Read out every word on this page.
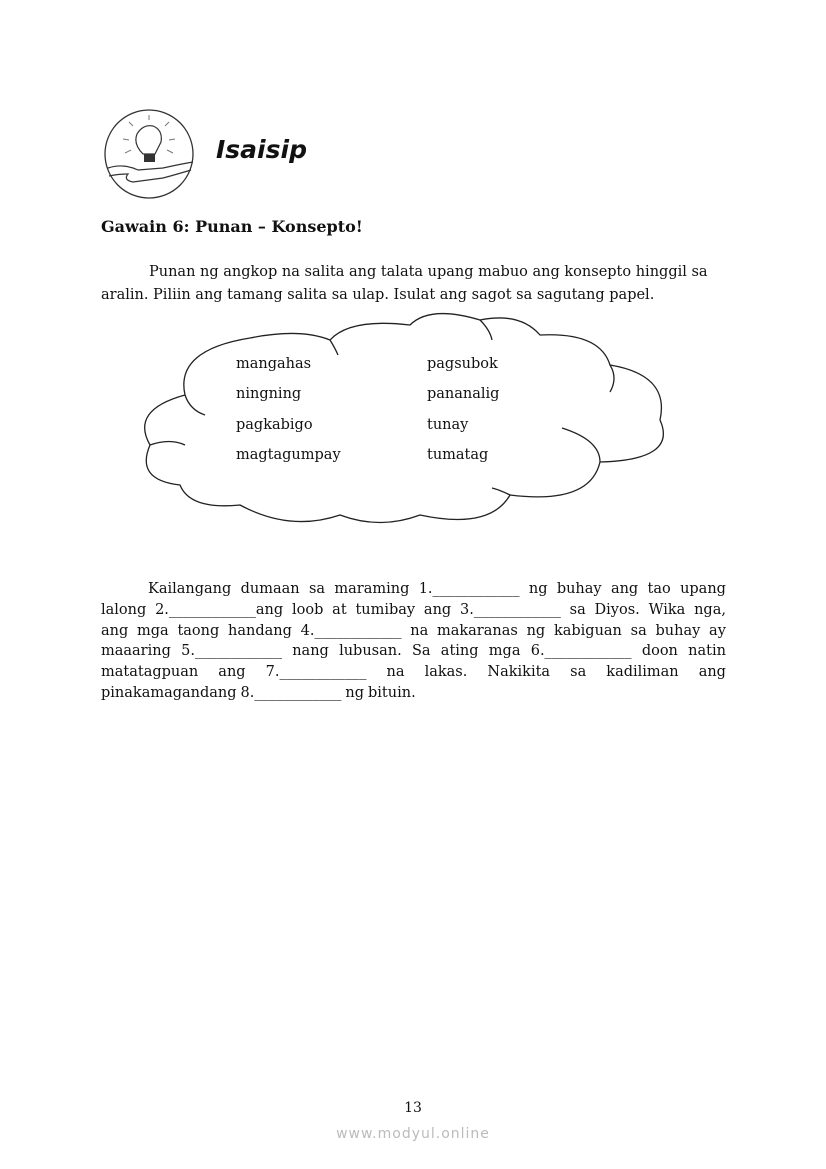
Isaisip
Gawain 6: Punan – Konsepto!
Punan ng angkop na salita ang talata upang mabuo ang konsepto hinggil sa
aralin. Piliin ang tamang salita sa ulap. Isulat ang sagot sa sagutang papel.
mangahas
ningning
pagkabigo
magtagumpay
pagsubok
pananalig
tunay
tumatag
Kailangang dumaan sa maraming 1.____________ ng buhay ang tao upang
lalong 2.____________ang loob at tumibay ang 3.____________ sa Diyos. Wika nga,
ang mga taong handang 4.____________ na makaranas ng kabiguan sa buhay ay
maaaring 5.____________ nang lubusan. Sa ating mga 6.____________ doon natin
matatagpuan ang 7.____________ na lakas. Nakikita sa kadiliman ang
pinakamagandang 8.____________ ng bituin.
13
www.modyul.online
